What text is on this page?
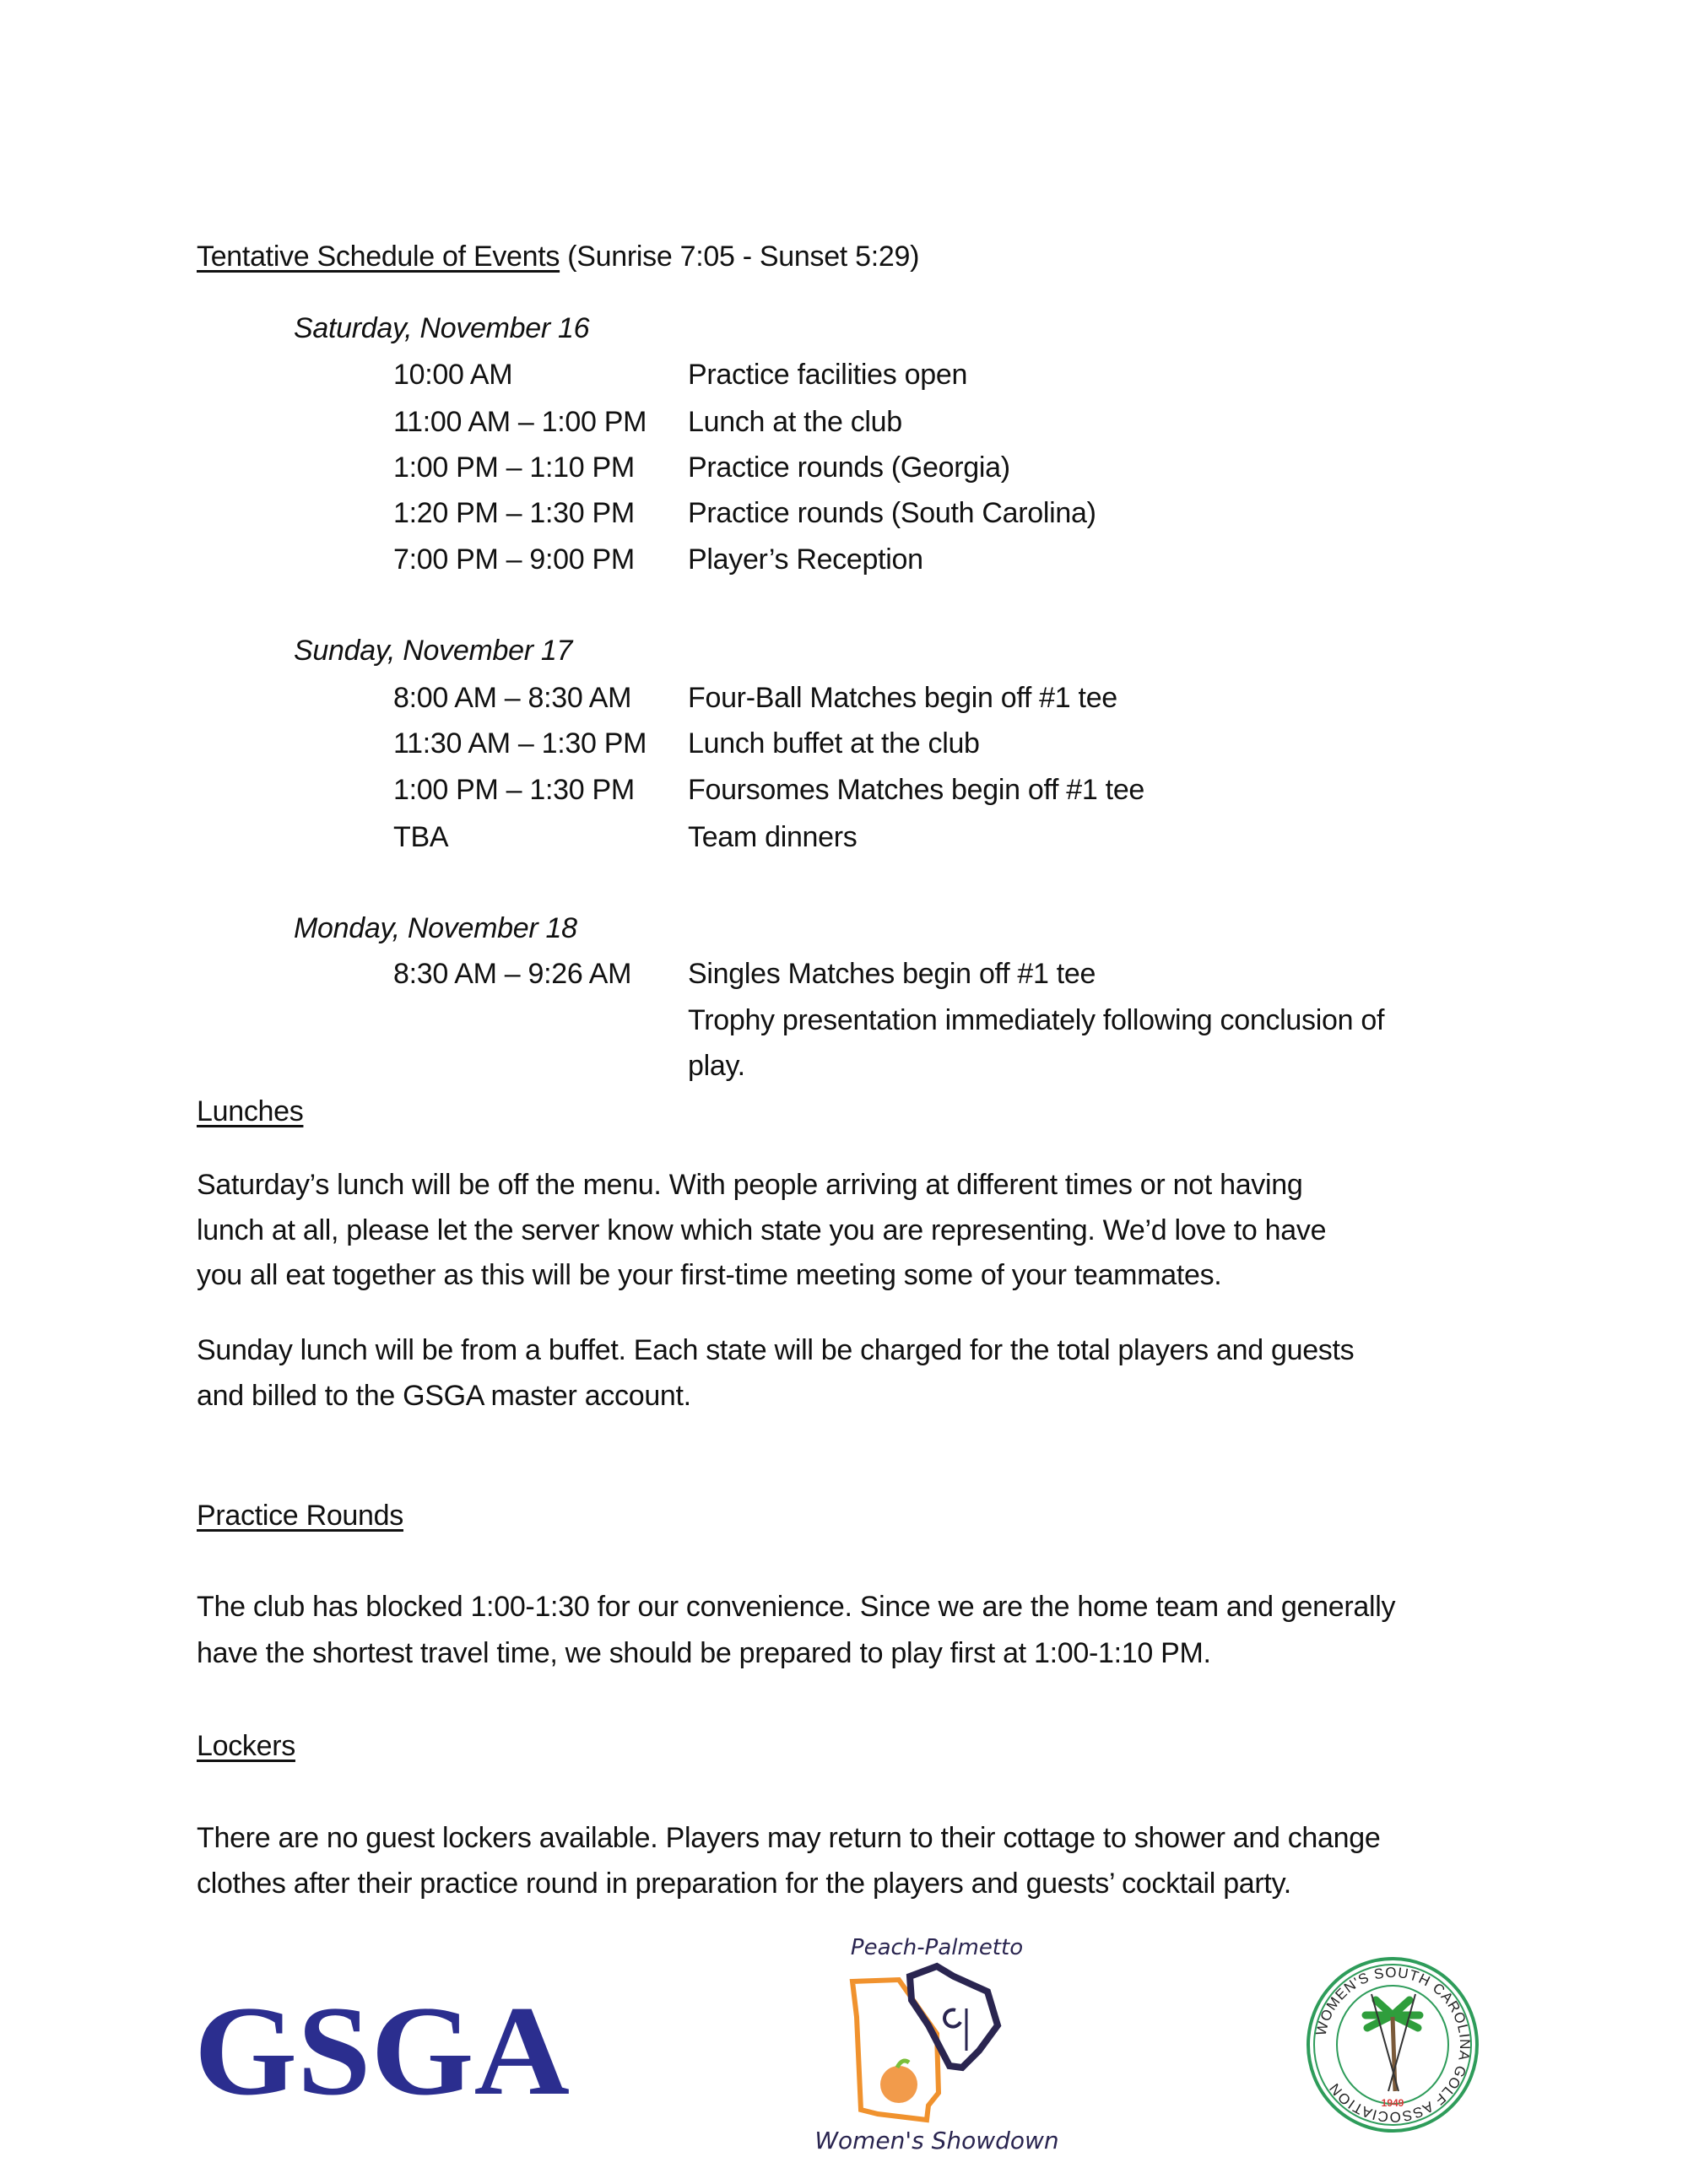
Tentative Schedule of Events (Sunrise 7:05 - Sunset 5:29)
Saturday, November 16
10:00 AM	Practice facilities open
11:00 AM – 1:00 PM Lunch at the club
1:00 PM – 1:10 PM Practice rounds (Georgia)
1:20 PM – 1:30 PM Practice rounds (South Carolina)
7:00 PM – 9:00 PM Player’s Reception
Sunday, November 17
8:00 AM – 8:30 AM Four-Ball Matches begin off #1 tee
11:30 AM – 1:30 PM Lunch buffet at the club
1:00 PM – 1:30 PM Foursomes Matches begin off #1 tee
TBA	Team dinners
Monday, November 18
8:30 AM – 9:26 AM Singles Matches begin off #1 tee
Trophy presentation immediately following conclusion of
play.
Lunches
Saturday’s lunch will be off the menu. With people arriving at different times or not having
lunch at all, please let the server know which state you are representing. We’d love to have
you all eat together as this will be your first-time meeting some of your teammates.
Sunday lunch will be from a buffet. Each state will be charged for the total players and guests
and billed to the GSGA master account.
Practice Rounds
The club has blocked 1:00-1:30 for our convenience. Since we are the home team and generally
have the shortest travel time, we should be prepared to play first at 1:00-1:10 PM.
Lockers
There are no guest lockers available. Players may return to their cottage to shower and change
clothes after their practice round in preparation for the players and guests’ cocktail party.
GSGA
Peach-Palmetto
Women's Showdown
WOMEN'S SOUTH CAROLINA GOLF ASSOCIATION
1949
